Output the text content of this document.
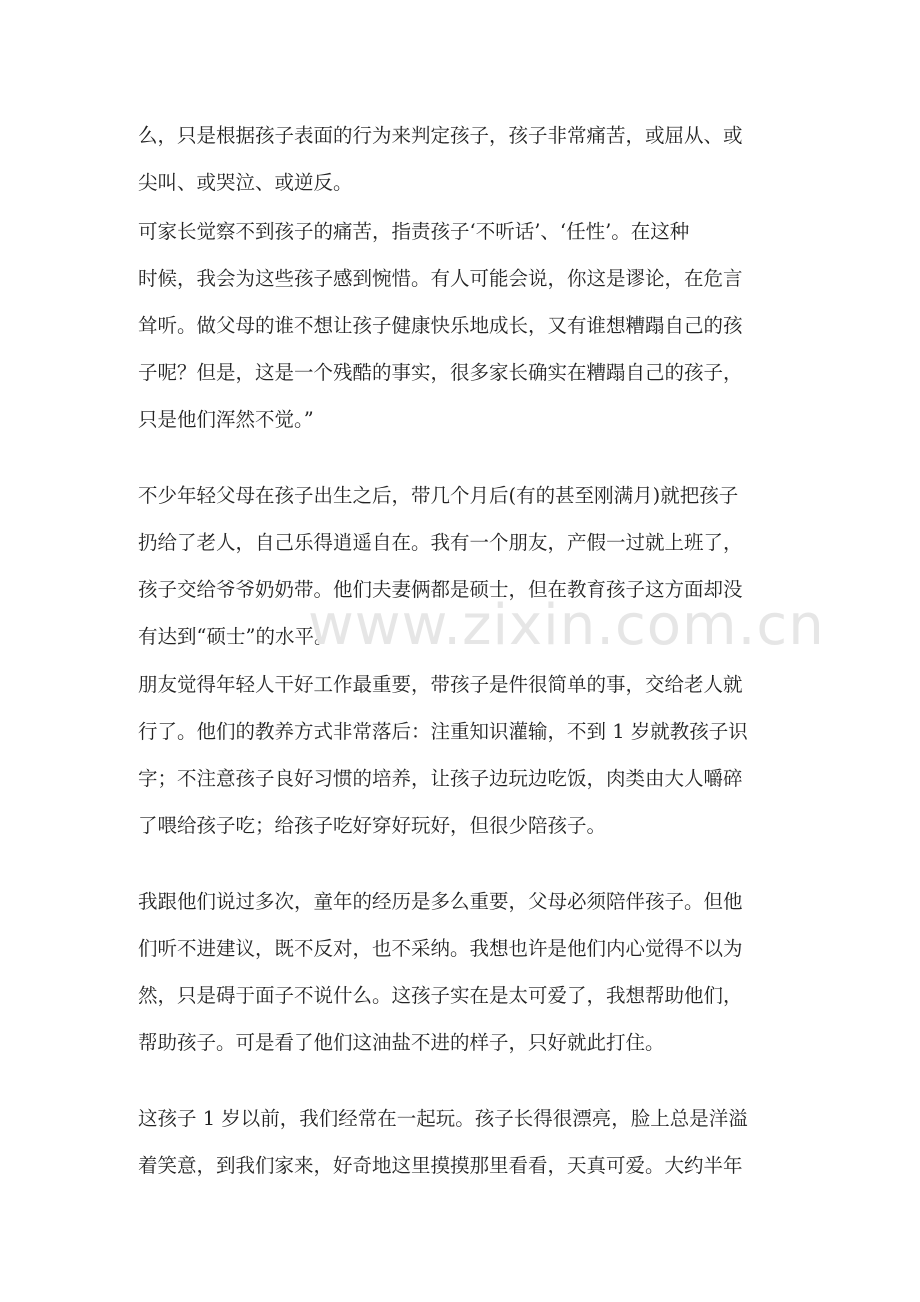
www.zixin.com.cn
么，只是根据孩子表面的行为来判定孩子，孩子非常痛苦，或屈从、或
尖叫、或哭泣、或逆反。
可家长觉察不到孩子的痛苦，指责孩子‘不听话’、‘任性’。在这种
时候，我会为这些孩子感到惋惜。有人可能会说，你这是谬论，在危言
耸听。做父母的谁不想让孩子健康快乐地成长，又有谁想糟蹋自己的孩
子呢？但是，这是一个残酷的事实，很多家长确实在糟蹋自己的孩子，
只是他们浑然不觉。”
不少年轻父母在孩子出生之后，带几个月后(有的甚至刚满月)就把孩子
扔给了老人，自己乐得逍遥自在。我有一个朋友，产假一过就上班了，
孩子交给爷爷奶奶带。他们夫妻俩都是硕士，但在教育孩子这方面却没
有达到“硕士”的水平。
朋友觉得年轻人干好工作最重要，带孩子是件很简单的事，交给老人就
行了。他们的教养方式非常落后：注重知识灌输，不到 1 岁就教孩子识
字；不注意孩子良好习惯的培养，让孩子边玩边吃饭，肉类由大人嚼碎
了喂给孩子吃；给孩子吃好穿好玩好，但很少陪孩子。
我跟他们说过多次，童年的经历是多么重要，父母必须陪伴孩子。但他
们听不进建议，既不反对，也不采纳。我想也许是他们内心觉得不以为
然，只是碍于面子不说什么。这孩子实在是太可爱了，我想帮助他们，
帮助孩子。可是看了他们这油盐不进的样子，只好就此打住。
这孩子 1 岁以前，我们经常在一起玩。孩子长得很漂亮，脸上总是洋溢
着笑意，到我们家来，好奇地这里摸摸那里看看，天真可爱。大约半年
